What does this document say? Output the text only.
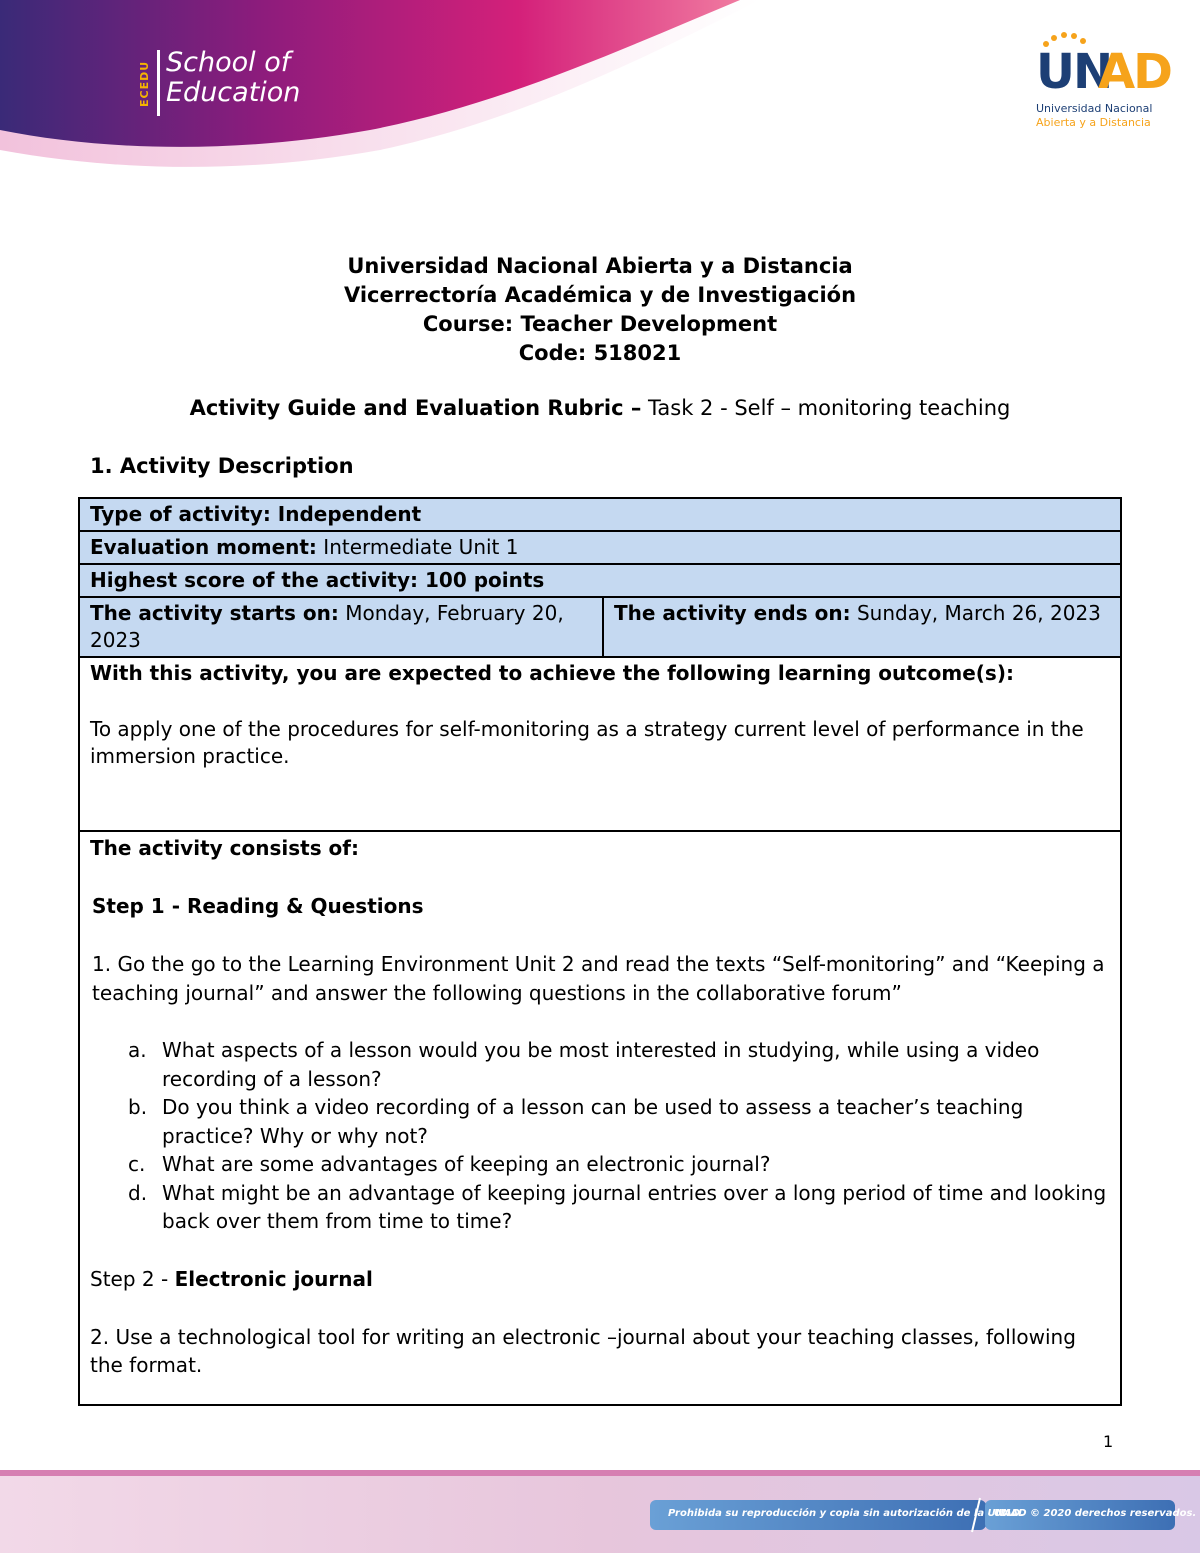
ECEDU School of
Education	UN
AD
Universidad Nacional
Abierta y a Distancia
Universidad Nacional Abierta y a Distancia
Vicerrectoría Académica y de Investigación
Course: Teacher Development
Code: 518021
Activity Guide and Evaluation Rubric – Task 2 - Self – monitoring teaching
1. Activity Description
Type of activity: Independent
Evaluation moment: Intermediate Unit 1
Highest score of the activity: 100 points
The activity starts on: Monday, February 20, 2023	The activity ends on: Sunday, March 26, 2023

With this activity, you are expected to achieve the following learning outcome(s):

To apply one of the procedures for self-monitoring as a strategy current level of performance in the immersion practice.

The activity consists of:

Step 1 - Reading & Questions

1. Go the go to the Learning Environment Unit 2 and read the texts “Self-monitoring” and “Keeping a teaching journal” and answer the following questions in the collaborative forum”

a. What aspects of a lesson would you be most interested in studying, while using a video recording of a lesson?
b. Do you think a video recording of a lesson can be used to assess a teacher’s teaching practice? Why or why not?
c. What are some advantages of keeping an electronic journal?
d. What might be an advantage of keeping journal entries over a long period of time and looking back over them from time to time?

Step 2 - Electronic journal

2. Use a technological tool for writing an electronic –journal about your teaching classes, following the format.

1
Prohibida su reproducción y copia sin autorización de la UNAD.
UNAD © 2020 derechos reservados.
